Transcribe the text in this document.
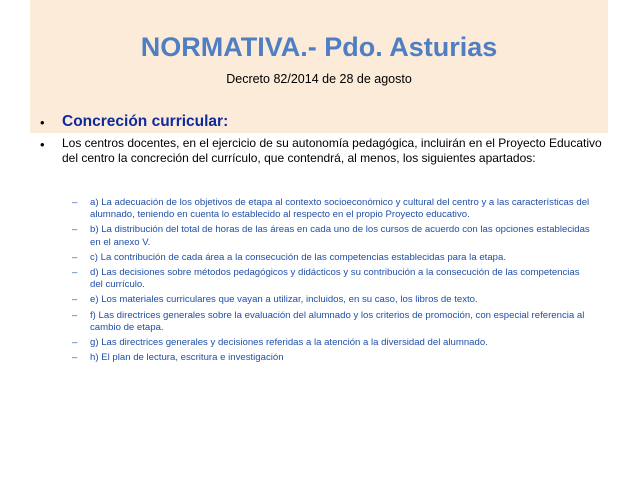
NORMATIVA.- Pdo. Asturias

Decreto 82/2014 de 28 de agosto

• Concreción curricular:
• Los centros docentes, en el ejercicio de su autonomía pedagógica, incluirán en el Proyecto Educativo del centro la concreción del currículo, que contendrá, al menos, los siguientes apartados:
– a) La adecuación de los objetivos de etapa al contexto socioeconómico y cultural del centro y a las características del alumnado, teniendo en cuenta lo establecido al respecto en el propio Proyecto educativo.
– b) La distribución del total de horas de las áreas en cada uno de los cursos de acuerdo con las opciones establecidas en el anexo V.
– c) La contribución de cada área a la consecución de las competencias establecidas para la etapa.
– d) Las decisiones sobre métodos pedagógicos y didácticos y su contribución a la consecución de las competencias del currículo.
– e) Los materiales curriculares que vayan a utilizar, incluidos, en su caso, los libros de texto.
– f) Las directrices generales sobre la evaluación del alumnado y los criterios de promoción, con especial referencia al cambio de etapa.
– g) Las directrices generales y decisiones referidas a la atención a la diversidad del alumnado.
– h) El plan de lectura, escritura e investigación
